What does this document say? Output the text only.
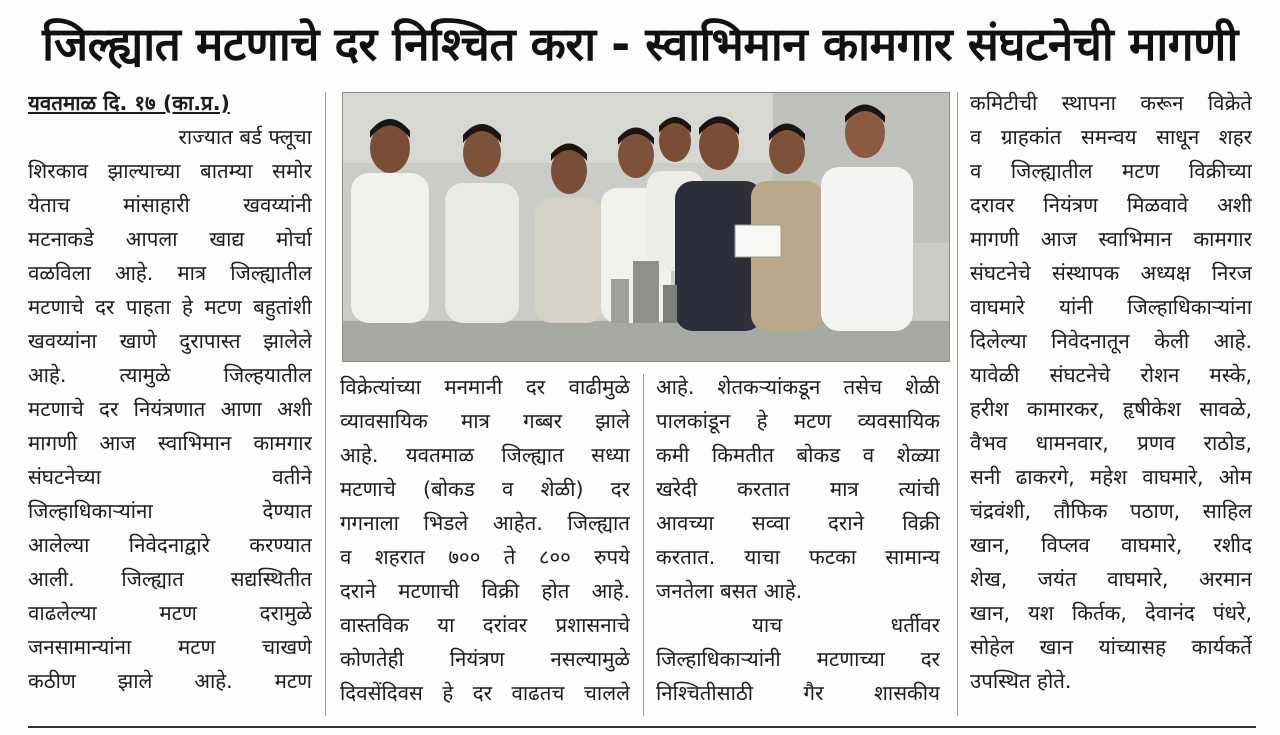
जिल्ह्यात मटणाचे दर निश्चित करा - स्वाभिमान कामगार संघटनेची मागणी
यवतमाळ दि. १७ (का.प्र.)
राज्यात बर्ड फ्लूचा
शिरकाव झाल्याच्या बातम्या समोर
येताच मांसाहारी खवय्यांनी
मटनाकडे आपला खाद्य मोर्चा
वळविला आहे. मात्र जिल्ह्यातील
मटणाचे दर पाहता हे मटण बहुतांशी
खवय्यांना खाणे दुरापास्त झालेले
आहे. त्यामुळे जिल्हयातील
मटणाचे दर नियंत्रणात आणा अशी
मागणी आज स्वाभिमान कामगार
संघटनेच्या वतीने
जिल्हाधिकाऱ्यांना देण्यात
आलेल्या निवेदनाद्वारे करण्यात
आली. जिल्ह्यात सद्यस्थितीत
वाढलेल्या मटण दरामुळे
जनसामान्यांना मटण चाखणे
कठीण झाले आहे. मटण
विक्रेत्यांच्या मनमानी दर वाढीमुळे
व्यावसायिक मात्र गब्बर झाले
आहे. यवतमाळ जिल्ह्यात सध्या
मटणाचे (बोकड व शेळी) दर
गगनाला भिडले आहेत. जिल्ह्यात
व शहरात ७०० ते ८०० रुपये
दराने मटणाची विक्री होत आहे.
वास्तविक या दरांवर प्रशासनाचे
कोणतेही नियंत्रण नसल्यामुळे
दिवसेंदिवस हे दर वाढतच चालले
आहे. शेतकऱ्यांकडून तसेच शेळी
पालकांडून हे मटण व्यवसायिक
कमी किमतीत बोकड व शेळ्या
खरेदी करतात मात्र त्यांची
आवच्या सव्वा दराने विक्री
करतात. याचा फटका सामान्य
जनतेला बसत आहे.
याच धर्तीवर
जिल्हाधिकाऱ्यांनी मटणाच्या दर
निश्चितीसाठी गैर शासकीय
कमिटीची स्थापना करून विक्रेते
व ग्राहकांत समन्वय साधून शहर
व जिल्ह्यातील मटण विक्रीच्या
दरावर नियंत्रण मिळवावे अशी
मागणी आज स्वाभिमान कामगार
संघटनेचे संस्थापक अध्यक्ष निरज
वाघमारे यांनी जिल्हाधिकाऱ्यांना
दिलेल्या निवेदनातून केली आहे.
यावेळी संघटनेचे रोशन मस्के,
हरीश कामारकर, हृषीकेश सावळे,
वैभव धामनवार, प्रणव राठोड,
सनी ढाकरगे, महेश वाघमारे, ओम
चंद्रवंशी, तौफिक पठाण, साहिल
खान, विप्लव वाघमारे, रशीद
शेख, जयंत वाघमारे, अरमान
खान, यश किर्तक, देवानंद पंधरे,
सोहेल खान यांच्यासह कार्यकर्ते
उपस्थित होते.
